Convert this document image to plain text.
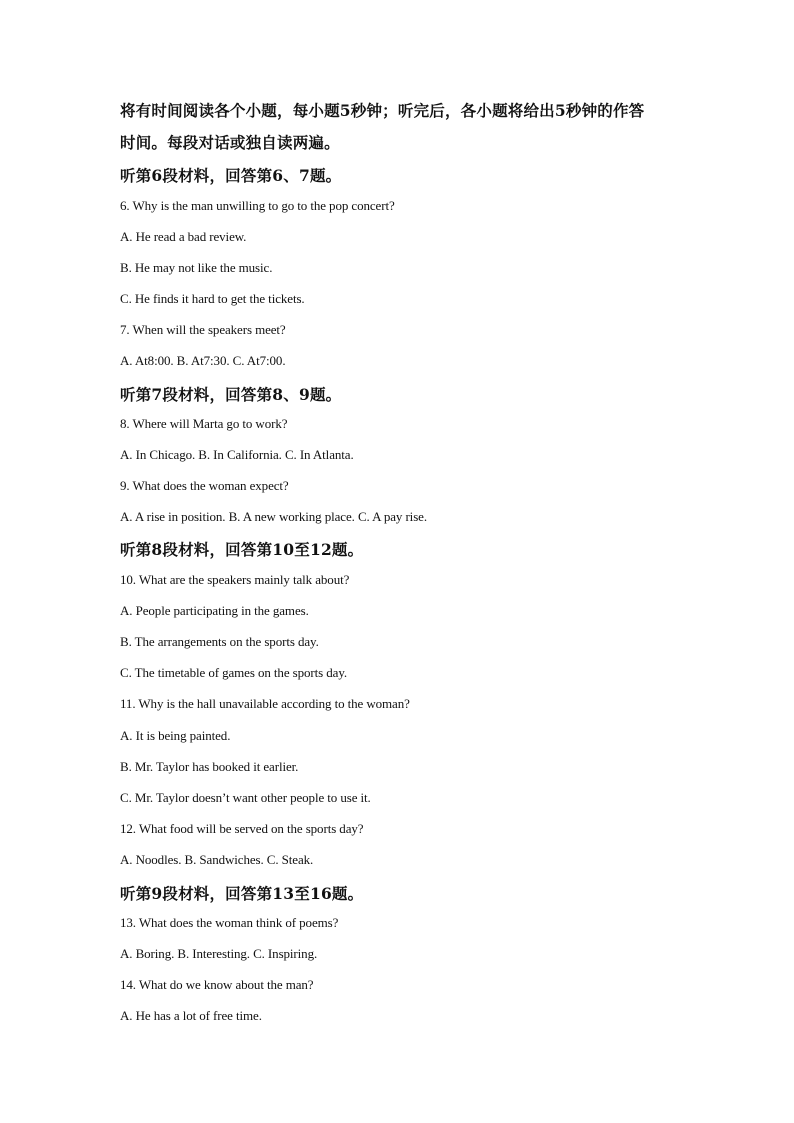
将有时间阅读各个小题，每小题5秒钟；听完后，各小题将给出5秒钟的作答
时间。每段对话或独自读两遍。
听第6段材料，回答第6、7题。
6. Why is the man unwilling to go to the pop concert?
A. He read a bad review.
B. He may not like the music.
C. He finds it hard to get the tickets.
7. When will the speakers meet?
A. At8:00. B. At7:30. C. At7:00.
听第7段材料，回答第8、9题。
8. Where will Marta go to work?
A. In Chicago. B. In California. C. In Atlanta.
9. What does the woman expect?
A. A rise in position. B. A new working place. C. A pay rise.
听第8段材料，回答第10至12题。
10. What are the speakers mainly talk about?
A. People participating in the games.
B. The arrangements on the sports day.
C. The timetable of games on the sports day.
11. Why is the hall unavailable according to the woman?
A. It is being painted.
B. Mr. Taylor has booked it earlier.
C. Mr. Taylor doesn’t want other people to use it.
12. What food will be served on the sports day?
A. Noodles. B. Sandwiches. C. Steak.
听第9段材料，回答第13至16题。
13. What does the woman think of poems?
A. Boring. B. Interesting. C. Inspiring.
14. What do we know about the man?
A. He has a lot of free time.
